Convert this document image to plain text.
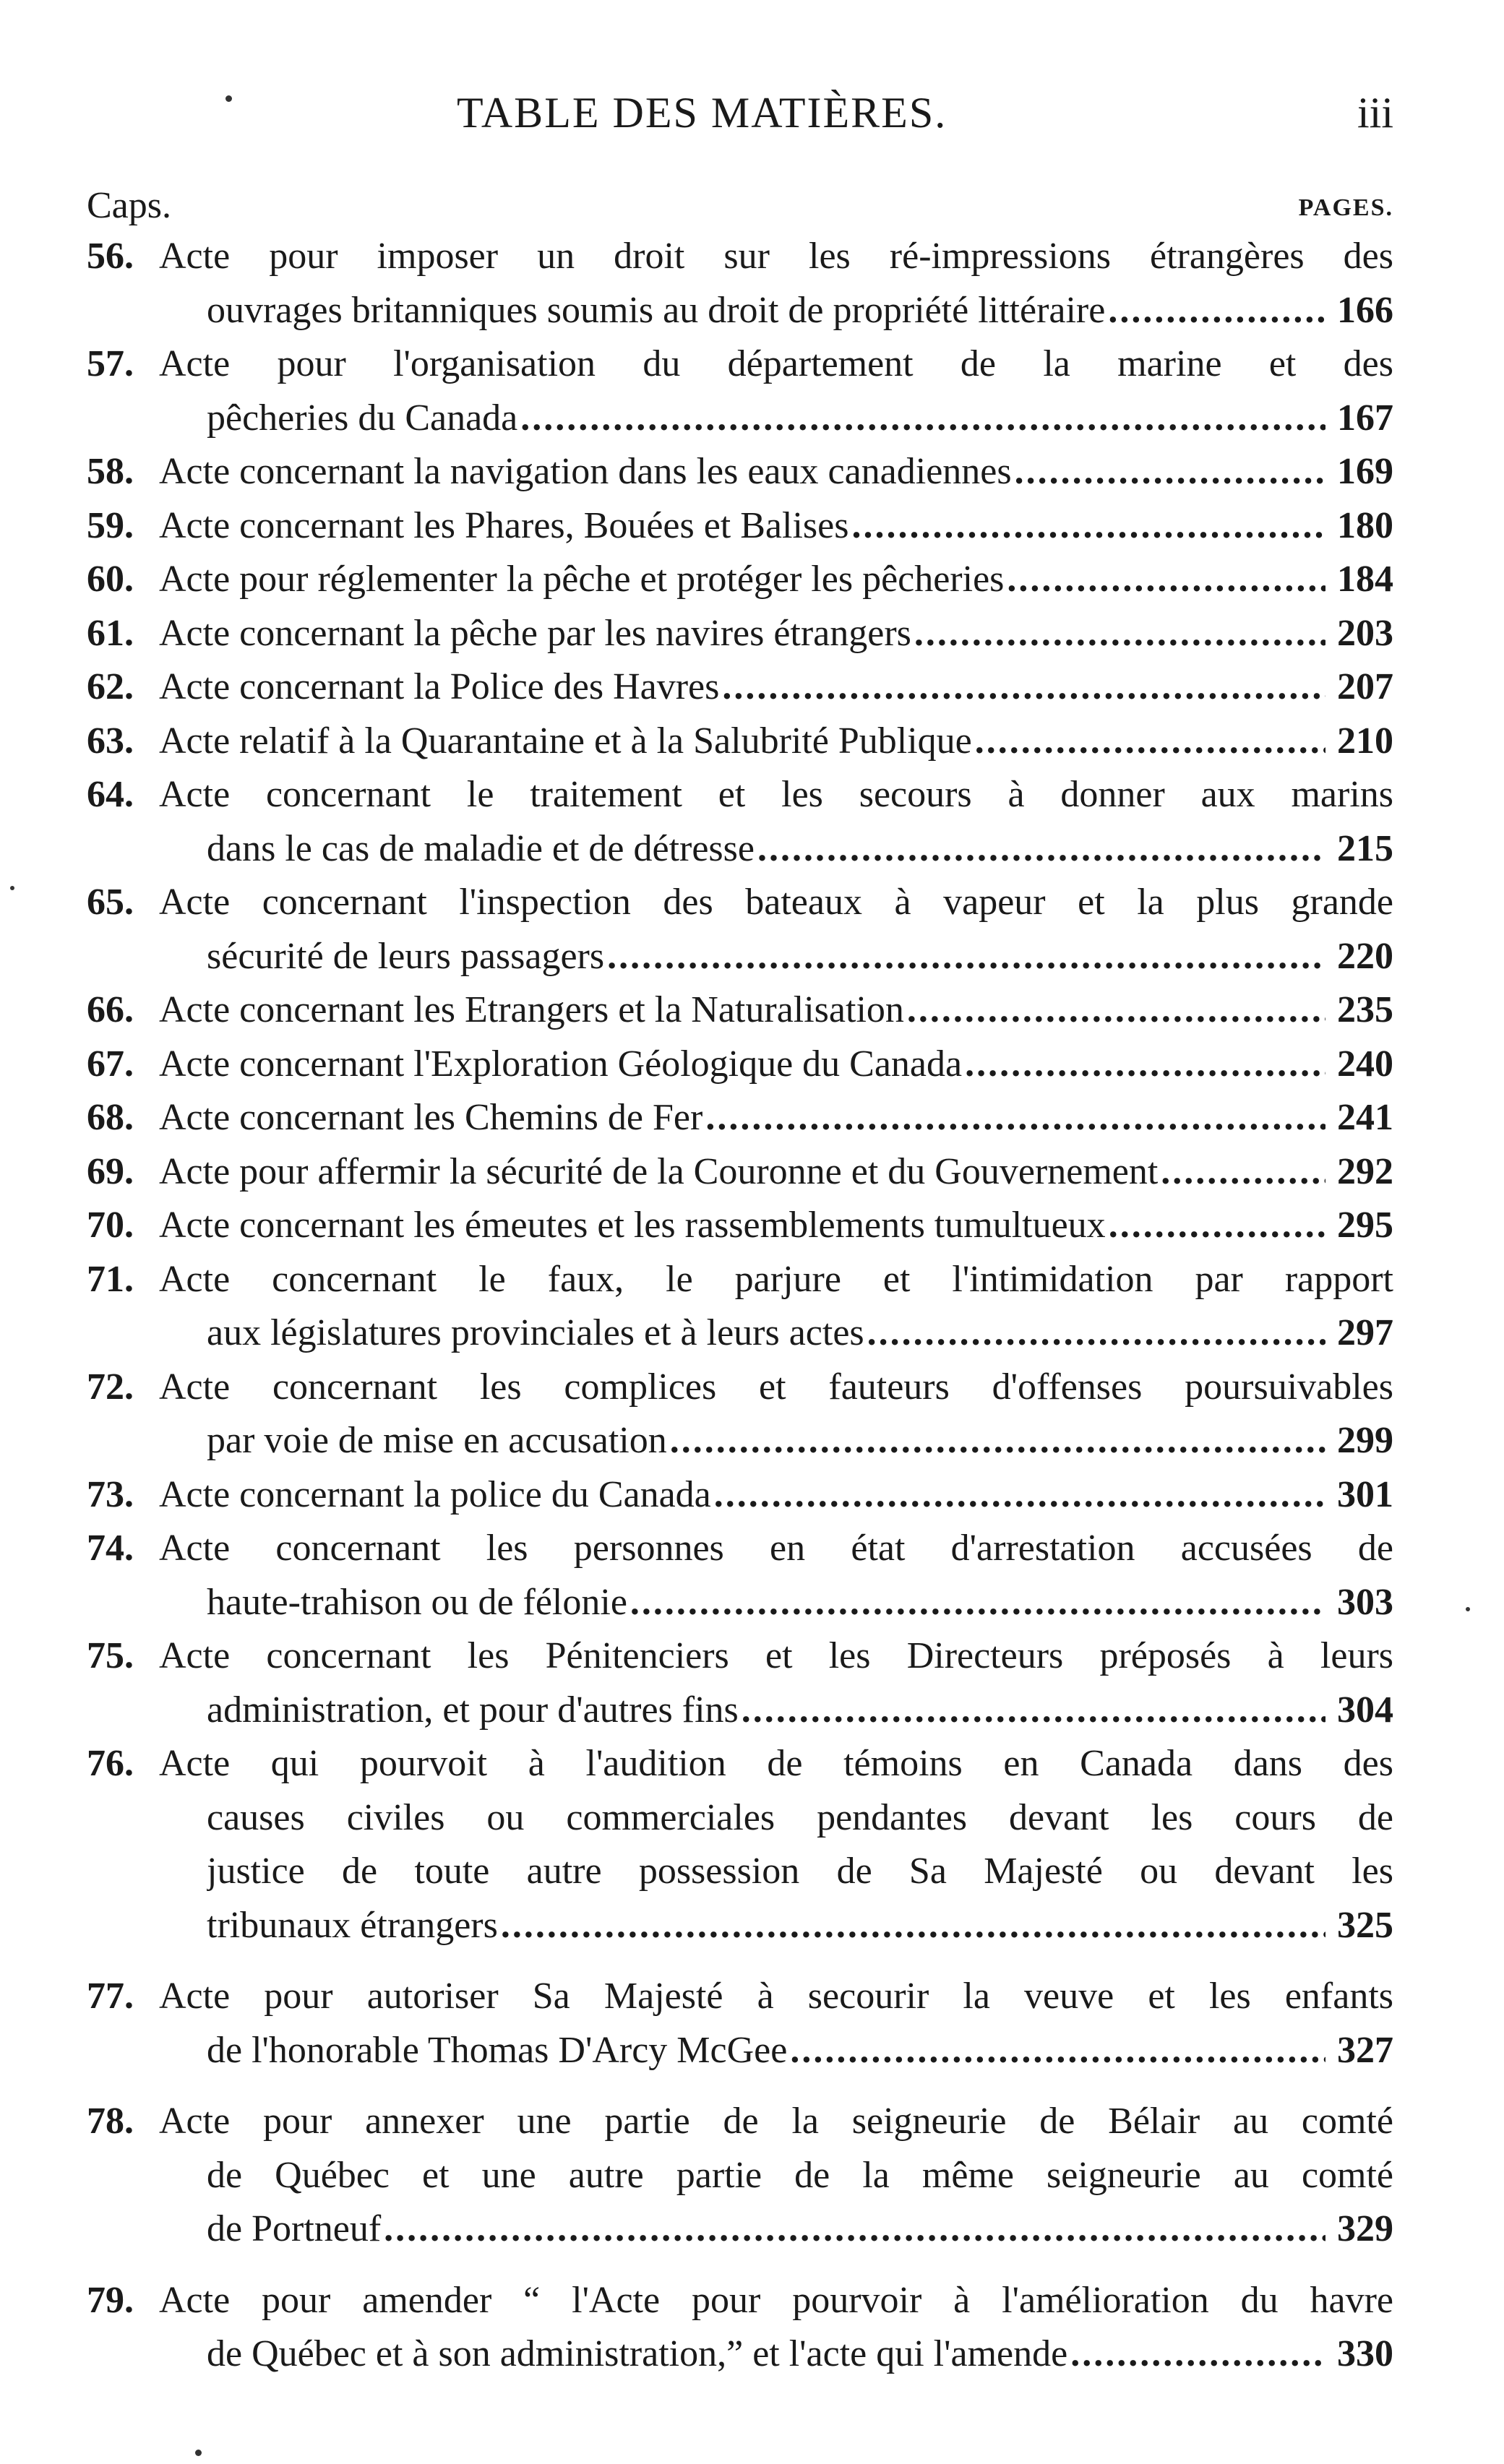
TABLE DES MATIÈRES.	iii
Caps.	PAGES.
56. Acte pour imposer un droit sur les ré-impressions étrangères des
ouvrages britanniques soumis au droit de propriété littéraire .....	166
57. Acte pour l'organisation du département de la marine et des
pêcheries du Canada .....	167
58. Acte concernant la navigation dans les eaux canadiennes .....	169
59. Acte concernant les Phares, Bouées et Balises .....	180
60. Acte pour réglementer la pêche et protéger les pêcheries .....	184
61. Acte concernant la pêche par les navires étrangers .....	203
62. Acte concernant la Police des Havres .....	207
63. Acte relatif à la Quarantaine et à la Salubrité Publique .....	210
64. Acte concernant le traitement et les secours à donner aux marins
dans le cas de maladie et de détresse .....	215
65. Acte concernant l'inspection des bateaux à vapeur et la plus grande
sécurité de leurs passagers .....	220
66. Acte concernant les Etrangers et la Naturalisation .....	235
67. Acte concernant l'Exploration Géologique du Canada .....	240
68. Acte concernant les Chemins de Fer .....	241
69. Acte pour affermir la sécurité de la Couronne et du Gouvernement .....	292
70. Acte concernant les émeutes et les rassemblements tumultueux .....	295
71. Acte concernant le faux, le parjure et l'intimidation par rapport
aux législatures provinciales et à leurs actes .....	297
72. Acte concernant les complices et fauteurs d'offenses poursuivables
par voie de mise en accusation .....	299
73. Acte concernant la police du Canada .....	301
74. Acte concernant les personnes en état d'arrestation accusées de
haute-trahison ou de félonie .....	303
75. Acte concernant les Pénitenciers et les Directeurs préposés à leurs
administration, et pour d'autres fins .....	304
76. Acte qui pourvoit à l'audition de témoins en Canada dans des
causes civiles ou commerciales pendantes devant les cours de
justice de toute autre possession de Sa Majesté ou devant les
tribunaux étrangers .....	325
77. Acte pour autoriser Sa Majesté à secourir la veuve et les enfants
de l'honorable Thomas D'Arcy McGee .....	327
78. Acte pour annexer une partie de la seigneurie de Bélair au comté
de Québec et une autre partie de la même seigneurie au comté
de Portneuf .....	329
79. Acte pour amender “ l'Acte pour pourvoir à l'amélioration du havre
de Québec et à son administration,” et l'acte qui l'amende .....	330
